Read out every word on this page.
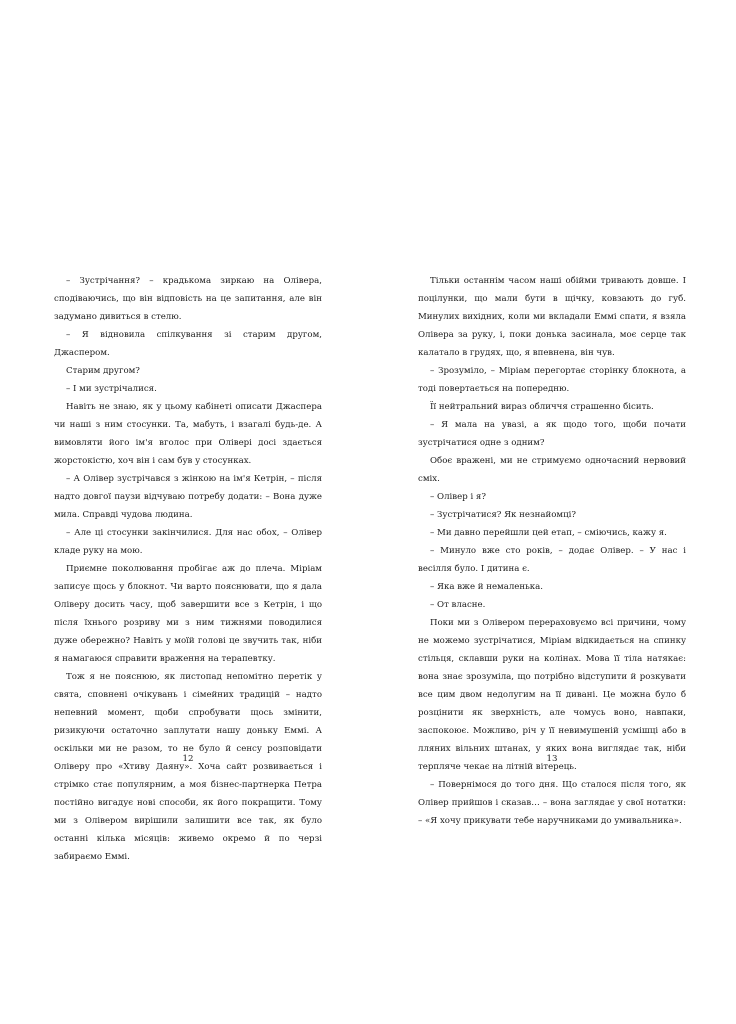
– Зустрічання? – крадькома зиркаю на Олівера, сподіваючись, що він відповість на це запитання, але він задумано дивиться в стелю.

– Я відновила спілкування зі старим другом, Джаспером.

Старим другом?

– І ми зустрічалися.

Навіть не знаю, як у цьому кабінеті описати Джаспера чи наші з ним стосунки. Та, мабуть, і взагалі будь-де. А вимовляти його ім'я вголос при Олівері досі здається жорстокістю, хоч він і сам був у стосунках.

– А Олівер зустрічався з жінкою на ім'я Кетрін, – після надто довгої паузи відчуваю потребу додати: – Вона дуже мила. Справді чудова людина.

– Але ці стосунки закінчилися. Для нас обох, – Олівер кладе руку на мою.

Приємне поколювання пробігає аж до плеча. Міріам записує щось у блокнот. Чи варто пояснювати, що я дала Оліверу досить часу, щоб завершити все з Кетрін, і що після їхнього розриву ми з ним тижнями поводилися дуже обережно? Навіть у моїй голові це звучить так, ніби я намагаюся справити враження на терапевтку.

Тож я не пояснюю, як листопад непомітно перетік у свята, сповнені очікувань і сімейних традицій – надто непевний момент, щоби спробувати щось змінити, ризикуючи остаточно заплутати нашу доньку Еммі. А оскільки ми не разом, то не було й сенсу розповідати Оліверу про «Хтиву Даяну». Хоча сайт розвивається і стрімко стає популярним, а моя бізнес-партнерка Петра постійно вигадує нові способи, як його покращити. Тому ми з Олівером вирішили залишити все так, як було останні кілька місяців: живемо окремо й по черзі забираємо Еммі.

12

Тільки останнім часом наші обійми тривають довше. І поцілунки, що мали бути в щічку, ковзають до губ. Минулих вихідних, коли ми вкладали Еммі спати, я взяла Олівера за руку, і, поки донька засинала, моє серце так калатало в грудях, що, я впевнена, він чув.

– Зрозуміло, – Міріам перегортає сторінку блокнота, а тоді повертається на попередню.

Її нейтральний вираз обличчя страшенно бісить.

– Я мала на увазі, а як щодо того, щоби почати зустрічатися одне з одним?

Обоє вражені, ми не стримуємо одночасний нервовий сміх.

– Олівер і я?

– Зустрічатися? Як незнайомці?

– Ми давно перейшли цей етап, – сміючись, кажу я.

– Минуло вже сто років, – додає Олівер. – У нас і весілля було. І дитина є.

– Яка вже й немаленька.

– От власне.

Поки ми з Олівером перераховуємо всі причини, чому не можемо зустрічатися, Міріам відкидається на спинку стільця, склавши руки на колінах. Мова її тіла натякає: вона знає зрозуміла, що потрібно відступити й розкувати все цим двом недолугим на її дивані. Це можна було б розцінити як зверхність, але чомусь воно, навпаки, заспокоює. Можливо, річ у її невимушеній усмішці або в лляних вільних штанах, у яких вона виглядає так, ніби терпляче чекає на літній вітерець.

– Повернімося до того дня. Що сталося після того, як Олівер прийшов і сказав… – вона заглядає у свої нотатки: – «Я хочу прикувати тебе наручниками до умивальника».

13
